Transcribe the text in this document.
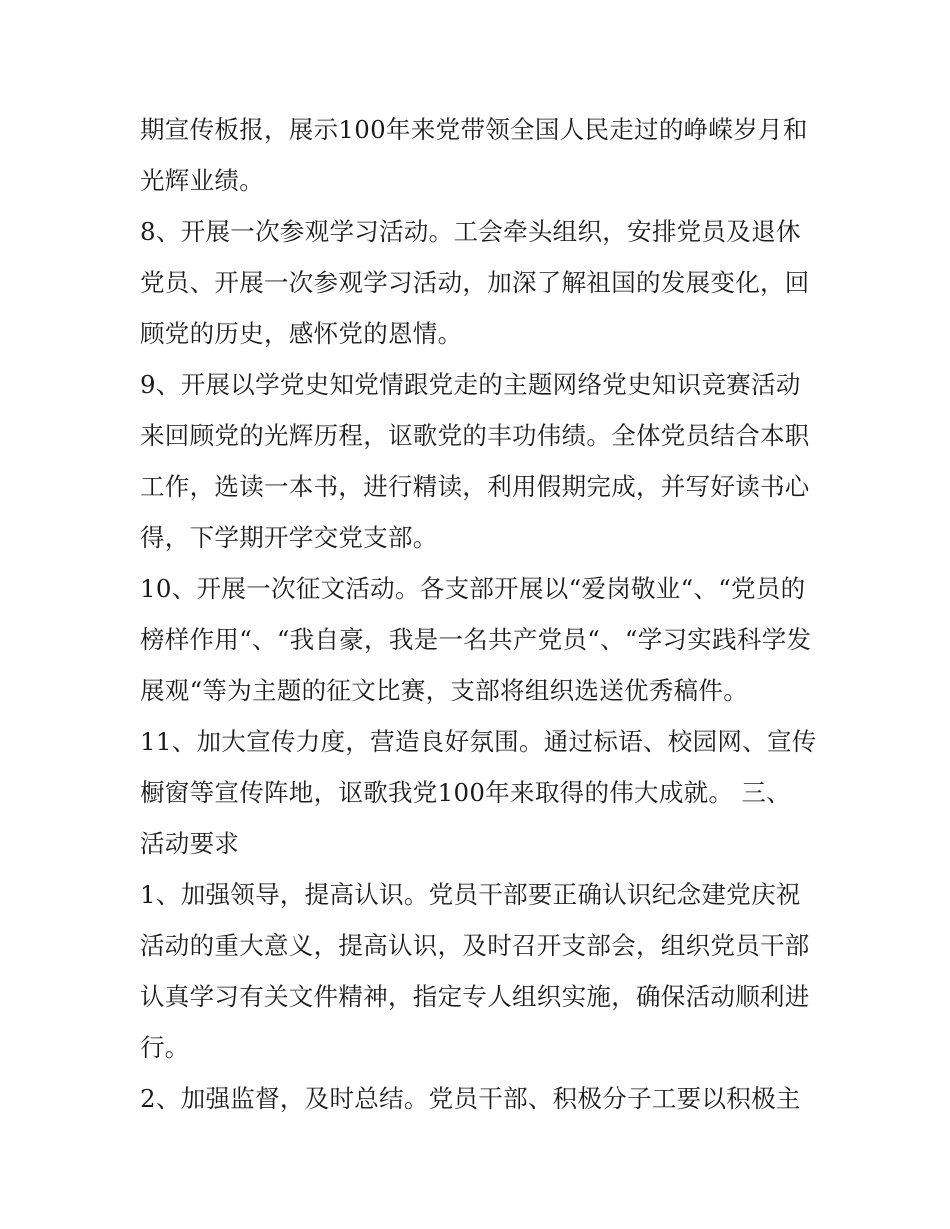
期宣传板报，展示100年来党带领全国人民走过的峥嵘岁月和
光辉业绩。
8、开展一次参观学习活动。工会牵头组织，安排党员及退休
党员、开展一次参观学习活动，加深了解祖国的发展变化，回
顾党的历史，感怀党的恩情。
9、开展以学党史知党情跟党走的主题网络党史知识竞赛活动
来回顾党的光辉历程，讴歌党的丰功伟绩。全体党员结合本职
工作，选读一本书，进行精读，利用假期完成，并写好读书心
得，下学期开学交党支部。
10、开展一次征文活动。各支部开展以“爱岗敬业“、“党员的
榜样作用“、“我自豪，我是一名共产党员“、“学习实践科学发
展观“等为主题的征文比赛，支部将组织选送优秀稿件。
11、加大宣传力度，营造良好氛围。通过标语、校园网、宣传
橱窗等宣传阵地，讴歌我党100年来取得的伟大成就。 三、
活动要求
1、加强领导，提高认识。党员干部要正确认识纪念建党庆祝
活动的重大意义，提高认识，及时召开支部会，组织党员干部
认真学习有关文件精神，指定专人组织实施，确保活动顺利进
行。
2、加强监督，及时总结。党员干部、积极分子工要以积极主
